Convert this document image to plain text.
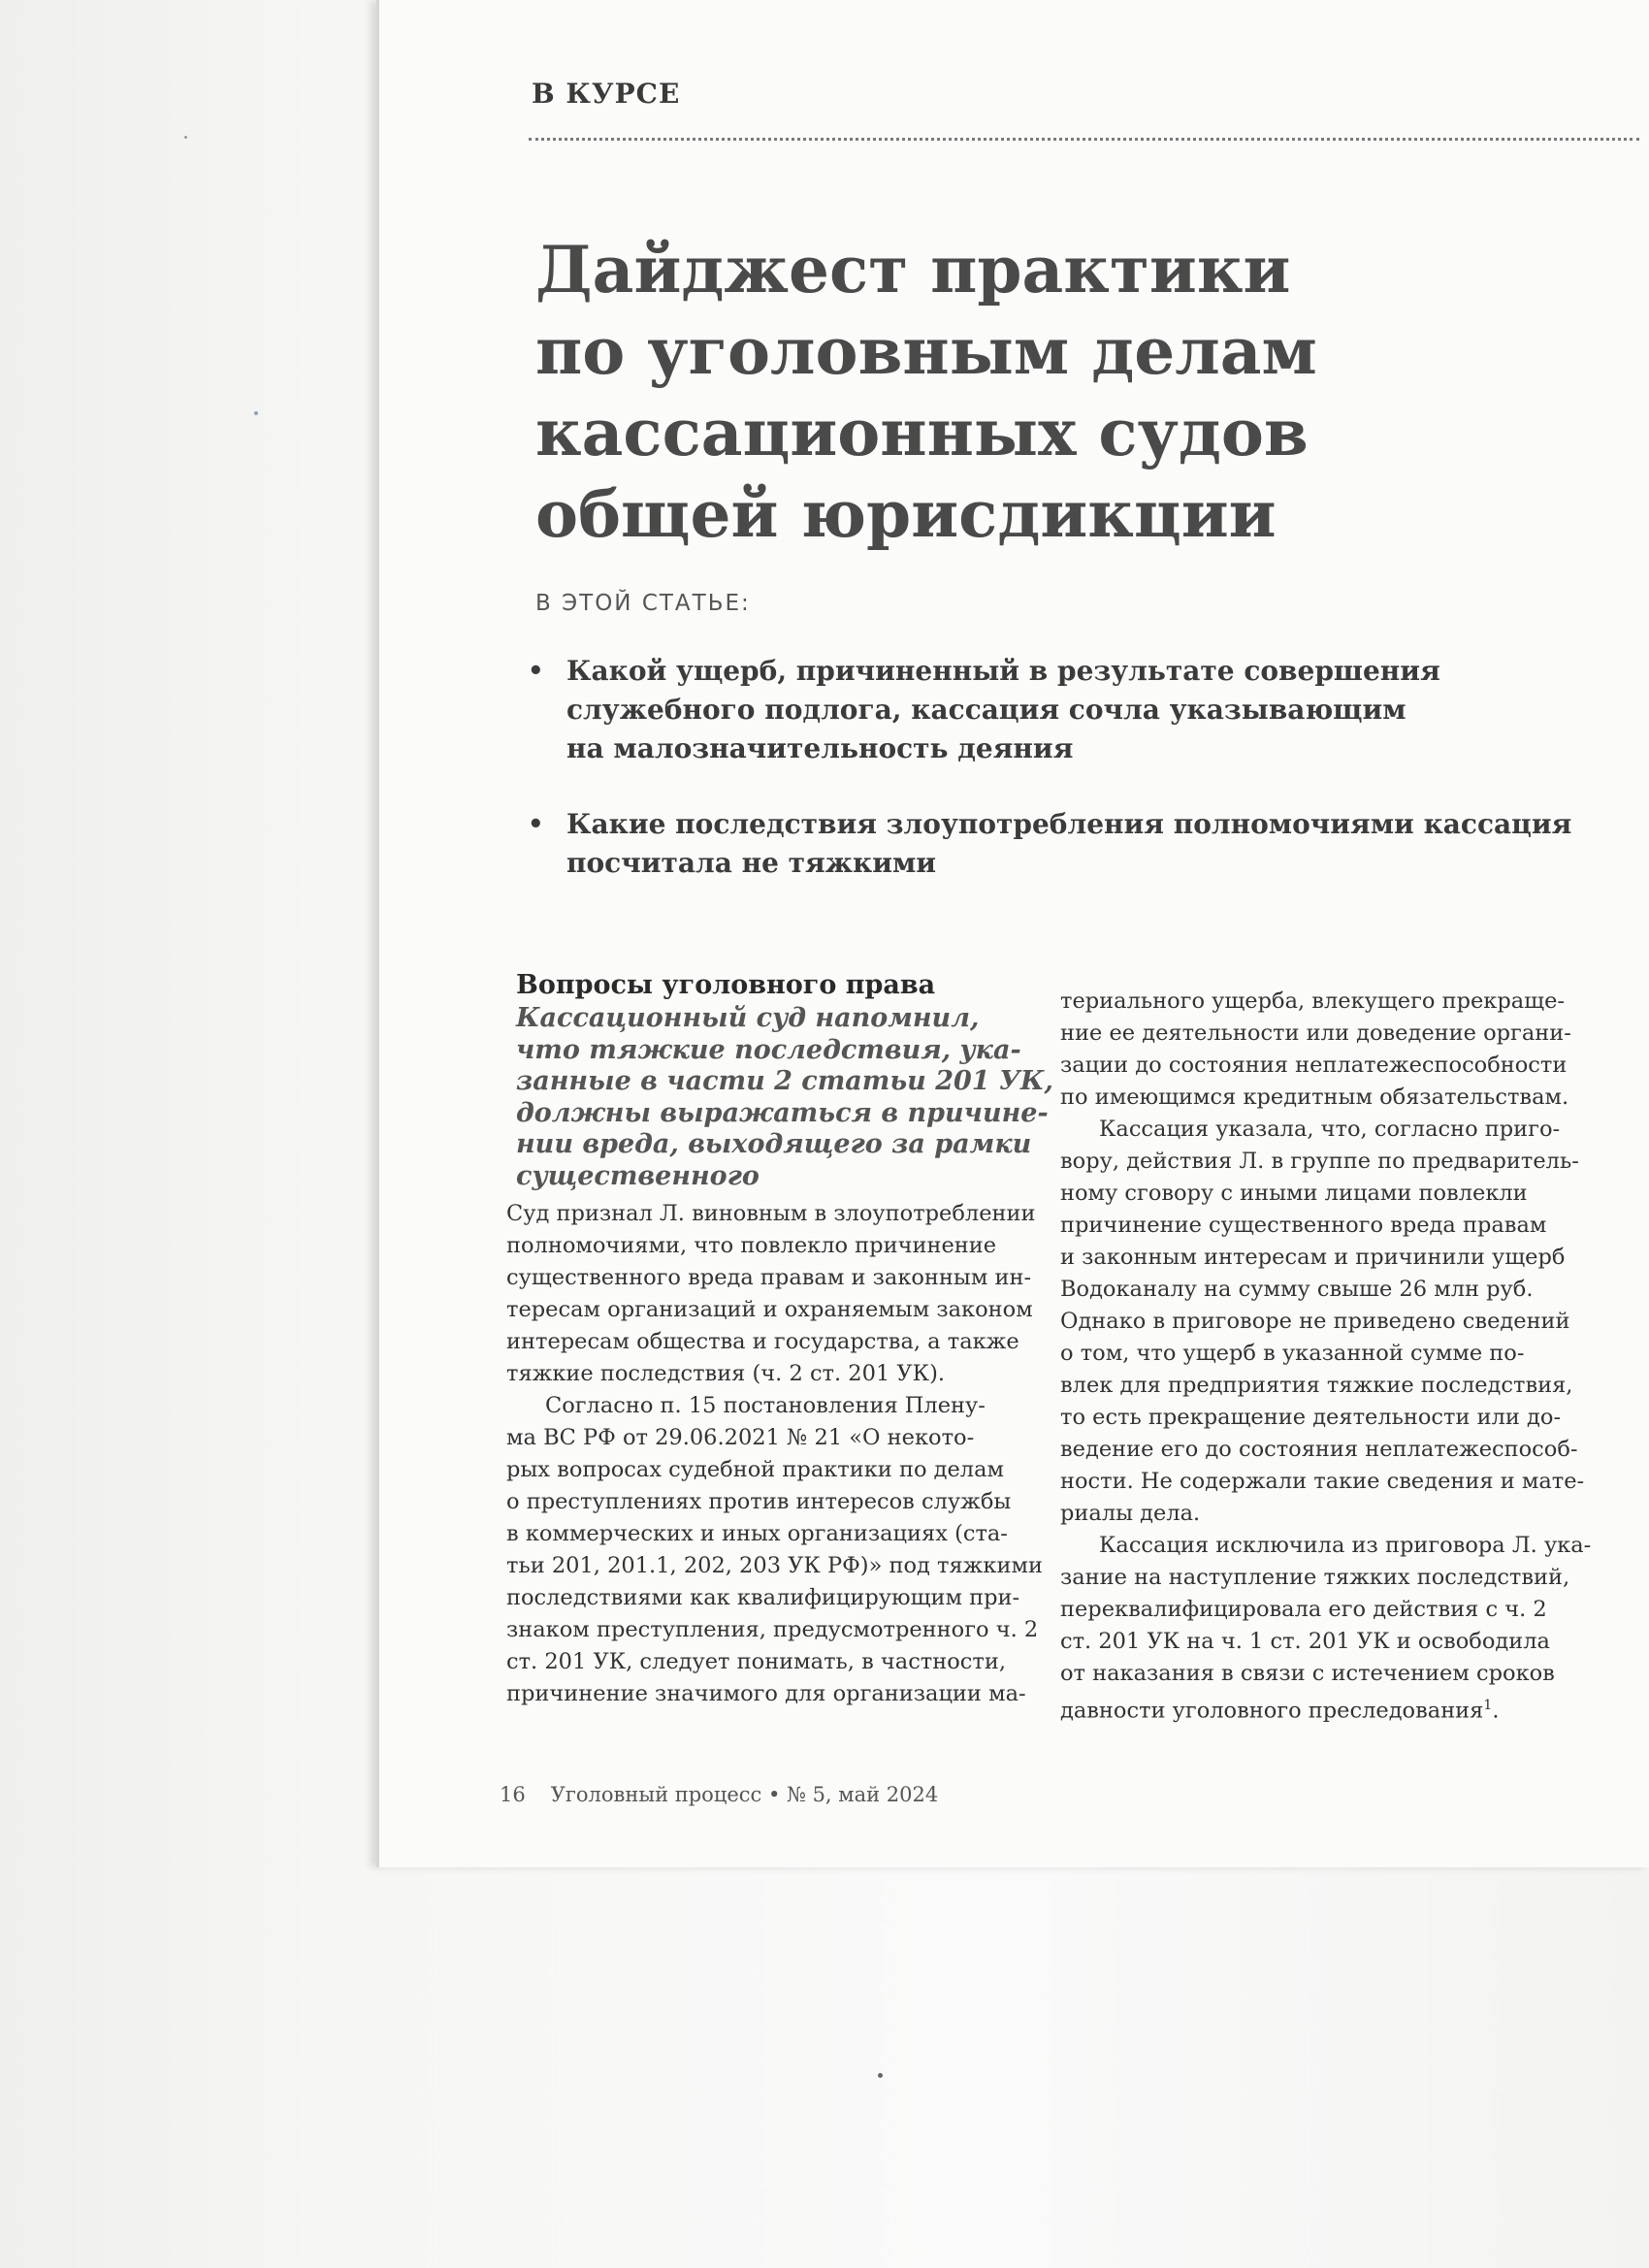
В КУРСЕ
Дайджест практики
по уголовным делам
кассационных судов
общей юрисдикции
В ЭТОЙ СТАТЬЕ:
• Какой ущерб, причиненный в результате совершения
служебного подлога, кассация сочла указывающим
на малозначительность деяния
• Какие последствия злоупотребления полномочиями кассация
посчитала не тяжкими
Вопросы уголовного права
Кассационный суд напомнил,
что тяжкие последствия, ука-
занные в части 2 статьи 201 УК,
должны выражаться в причине-
нии вреда, выходящего за рамки
существенного
Суд признал Л. виновным в злоупотреблении
полномочиями, что повлекло причинение
существенного вреда правам и законным ин-
тересам организаций и охраняемым законом
интересам общества и государства, а также
тяжкие последствия (ч. 2 ст. 201 УК).
Согласно п. 15 постановления Плену-
ма ВС РФ от 29.06.2021 № 21 «О некото-
рых вопросах судебной практики по делам
о преступлениях против интересов службы
в коммерческих и иных организациях (ста-
тьи 201, 201.1, 202, 203 УК РФ)» под тяжкими
последствиями как квалифицирующим при-
знаком преступления, предусмотренного ч. 2
ст. 201 УК, следует понимать, в частности,
причинение значимого для организации ма-
териального ущерба, влекущего прекраще-
ние ее деятельности или доведение органи-
зации до состояния неплатежеспособности
по имеющимся кредитным обязательствам.
Кассация указала, что, согласно приго-
вору, действия Л. в группе по предваритель-
ному сговору с иными лицами повлекли
причинение существенного вреда правам
и законным интересам и причинили ущерб
Водоканалу на сумму свыше 26 млн руб.
Однако в приговоре не приведено сведений
о том, что ущерб в указанной сумме по-
влек для предприятия тяжкие последствия,
то есть прекращение деятельности или до-
ведение его до состояния неплатежеспособ-
ности. Не содержали такие сведения и мате-
риалы дела.
Кассация исключила из приговора Л. ука-
зание на наступление тяжких последствий,
переквалифицировала его действия с ч. 2
ст. 201 УК на ч. 1 ст. 201 УК и освободила
от наказания в связи с истечением сроков
давности уголовного преследования$^1$.
16 Уголовный процесс • № 5, май 2024
